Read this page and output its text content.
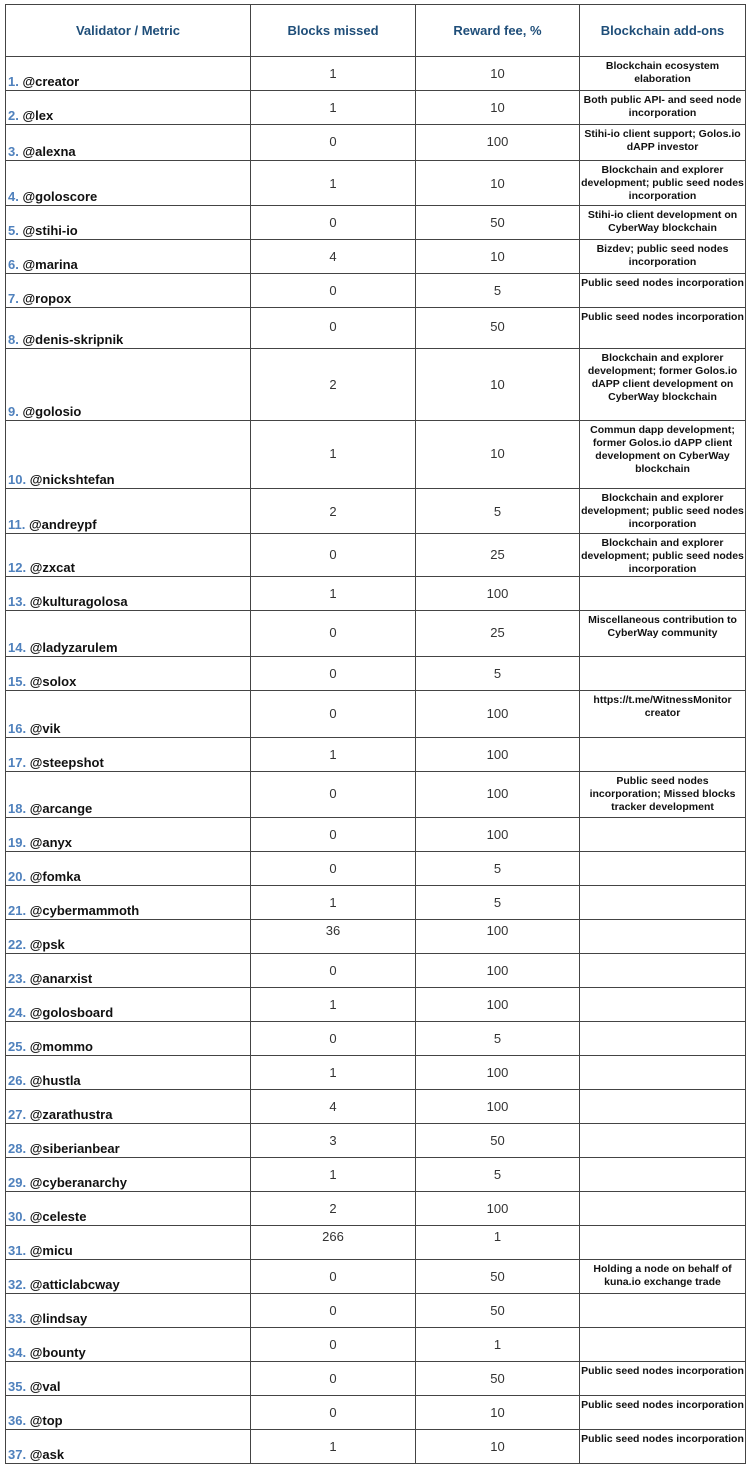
Validator / Metric	Blocks missed	Reward fee, %	Blockchain add-ons
1. @creator	1	10	Blockchain ecosystem elaboration
2. @lex	1	10	Both public API- and seed node incorporation
3. @alexna	0	100	Stihi-io client support; Golos.io dAPP investor
4. @goloscore	1	10	Blockchain and explorer development; public seed nodes incorporation
5. @stihi-io	0	50	Stihi-io client development on CyberWay blockchain
6. @marina	4	10	Bizdev; public seed nodes incorporation
7. @ropox	0	5	Public seed nodes incorporation
8. @denis-skripnik	0	50	Public seed nodes incorporation
9. @golosio	2	10	Blockchain and explorer development; former Golos.io dAPP client development on CyberWay blockchain
10. @nickshtefan	1	10	Commun dapp development; former Golos.io dAPP client development on CyberWay blockchain
11. @andreypf	2	5	Blockchain and explorer development; public seed nodes incorporation
12. @zxcat	0	25	Blockchain and explorer development; public seed nodes incorporation
13. @kulturagolosa	1	100	

14. @ladyzarulem	0	25	Miscellaneous contribution to CyberWay community
15. @solox	0	5	

16. @vik	0	100	https://t.me/WitnessMonitor creator
17. @steepshot	1	100	

18. @arcange	0	100	Public seed nodes incorporation; Missed blocks tracker development
19. @anyx	0	100	

20. @fomka	0	5	

21. @cybermammoth	1	5	

22. @psk	36	100	

23. @anarxist	0	100	

24. @golosboard	1	100	

25. @mommo	0	5	

26. @hustla	1	100	

27. @zarathustra	4	100	

28. @siberianbear	3	50	

29. @cyberanarchy	1	5	

30. @celeste	2	100	

31. @micu	266	1	

32. @atticlabcway	0	50	Holding a node on behalf of kuna.io exchange trade
33. @lindsay	0	50	

34. @bounty	0	1	

35. @val	0	50	Public seed nodes incorporation
36. @top	0	10	Public seed nodes incorporation
37. @ask	1	10	Public seed nodes incorporation
